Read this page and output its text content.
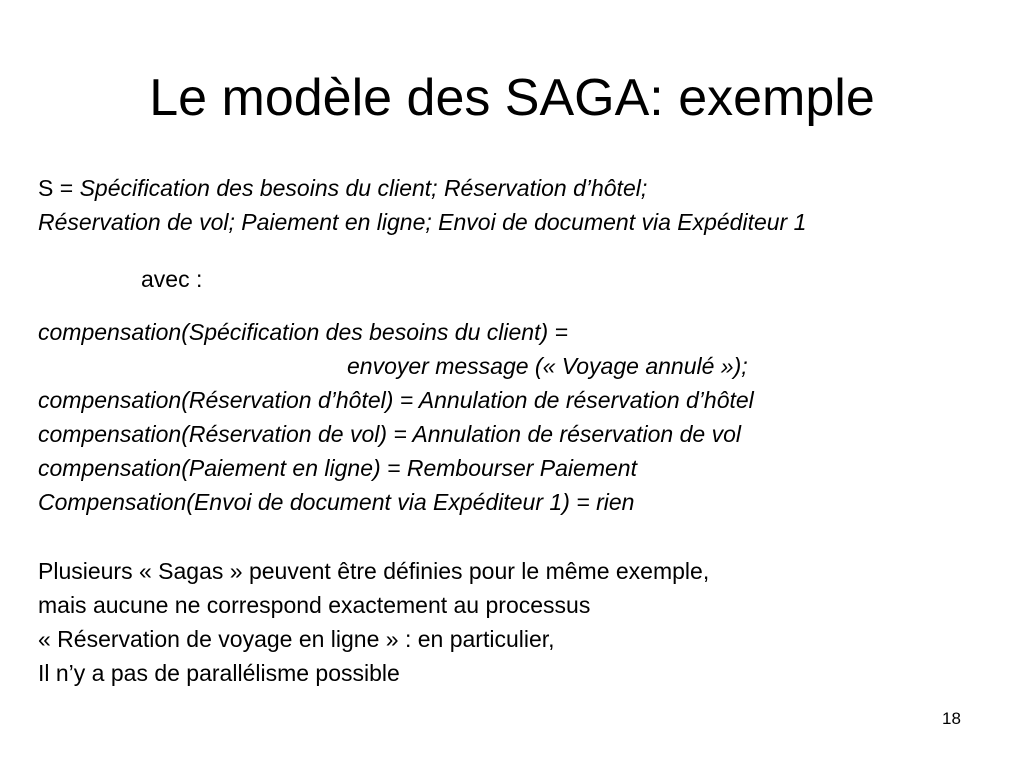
Le modèle des SAGA: exemple
S = Spécification des besoins du client; Réservation d’hôtel;
Réservation de vol; Paiement en ligne; Envoi de document via Expéditeur 1
avec :
compensation(Spécification des besoins du client) =
envoyer message (« Voyage annulé »);
compensation(Réservation d’hôtel) = Annulation de réservation d’hôtel
compensation(Réservation de vol) = Annulation de réservation de vol
compensation(Paiement en ligne) = Rembourser Paiement
Compensation(Envoi de document via Expéditeur 1) = rien
Plusieurs « Sagas » peuvent être définies pour le même exemple,
mais aucune ne correspond exactement au processus
« Réservation de voyage en ligne » : en particulier,
Il n’y a pas de parallélisme possible
18
